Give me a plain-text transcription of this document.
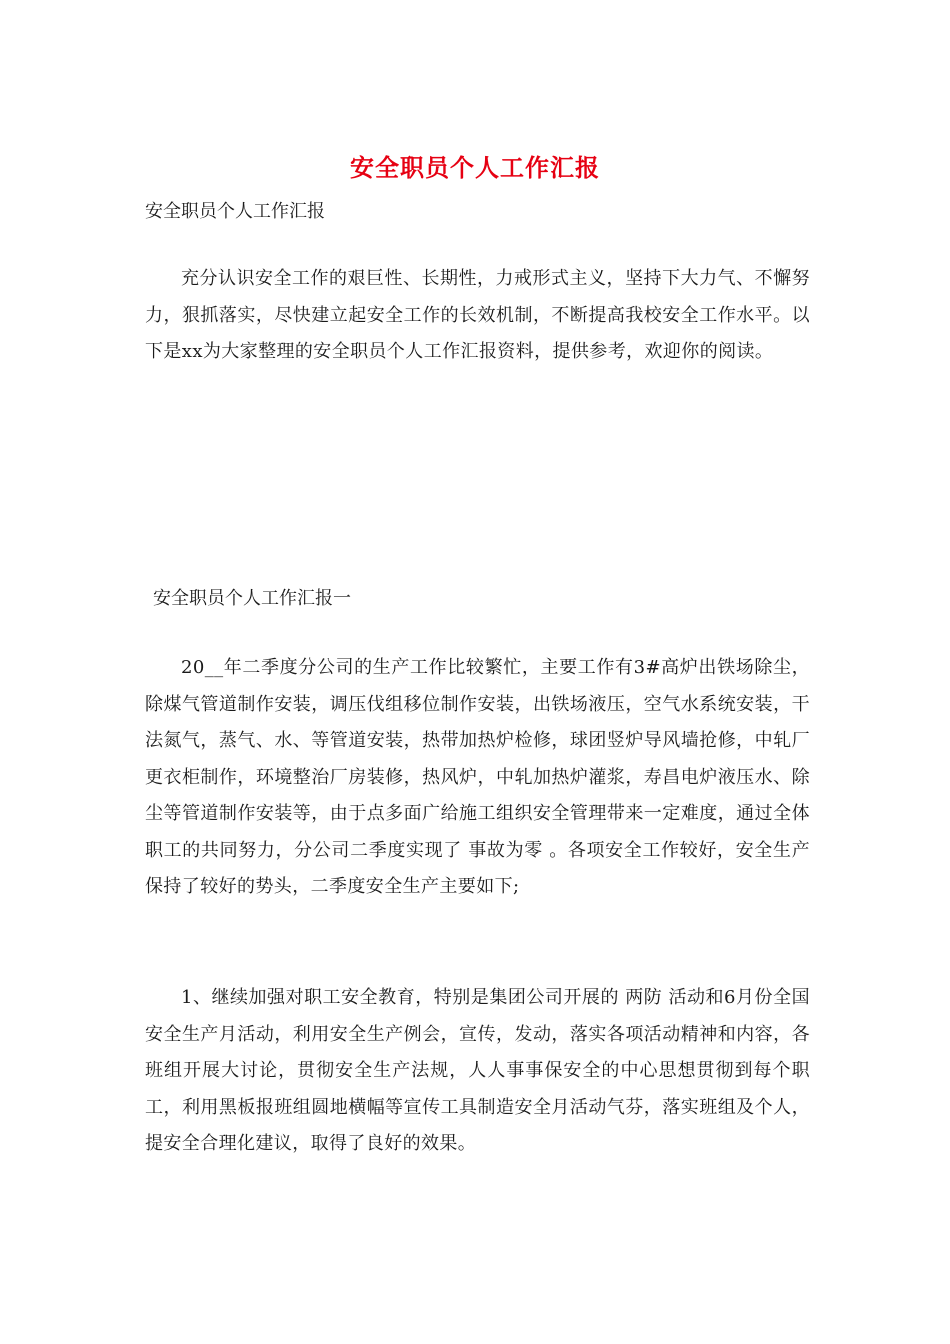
安全职员个人工作汇报
安全职员个人工作汇报
充分认识安全工作的艰巨性、长期性，力戒形式主义，坚持下大力气、不懈努力，狠抓落实，尽快建立起安全工作的长效机制，不断提高我校安全工作水平。以下是xx为大家整理的安全职员个人工作汇报资料，提供参考，欢迎你的阅读。
安全职员个人工作汇报一
20__年二季度分公司的生产工作比较繁忙，主要工作有3#高炉出铁场除尘，除煤气管道制作安装，调压伐组移位制作安装，出铁场液压，空气水系统安装，干法氮气，蒸气、水、等管道安装，热带加热炉检修，球团竖炉导风墙抢修，中轧厂更衣柜制作，环境整治厂房装修，热风炉，中轧加热炉灌浆，寿昌电炉液压水、除尘等管道制作安装等，由于点多面广给施工组织安全管理带来一定难度，通过全体职工的共同努力，分公司二季度实现了 事故为零 。各项安全工作较好，安全生产保持了较好的势头，二季度安全生产主要如下;
1、继续加强对职工安全教育，特别是集团公司开展的 两防 活动和6月份全国安全生产月活动，利用安全生产例会，宣传，发动，落实各项活动精神和内容，各班组开展大讨论，贯彻安全生产法规，人人事事保安全的中心思想贯彻到每个职工，利用黑板报班组圆地横幅等宣传工具制造安全月活动气芬，落实班组及个人，提安全合理化建议，取得了良好的效果。
